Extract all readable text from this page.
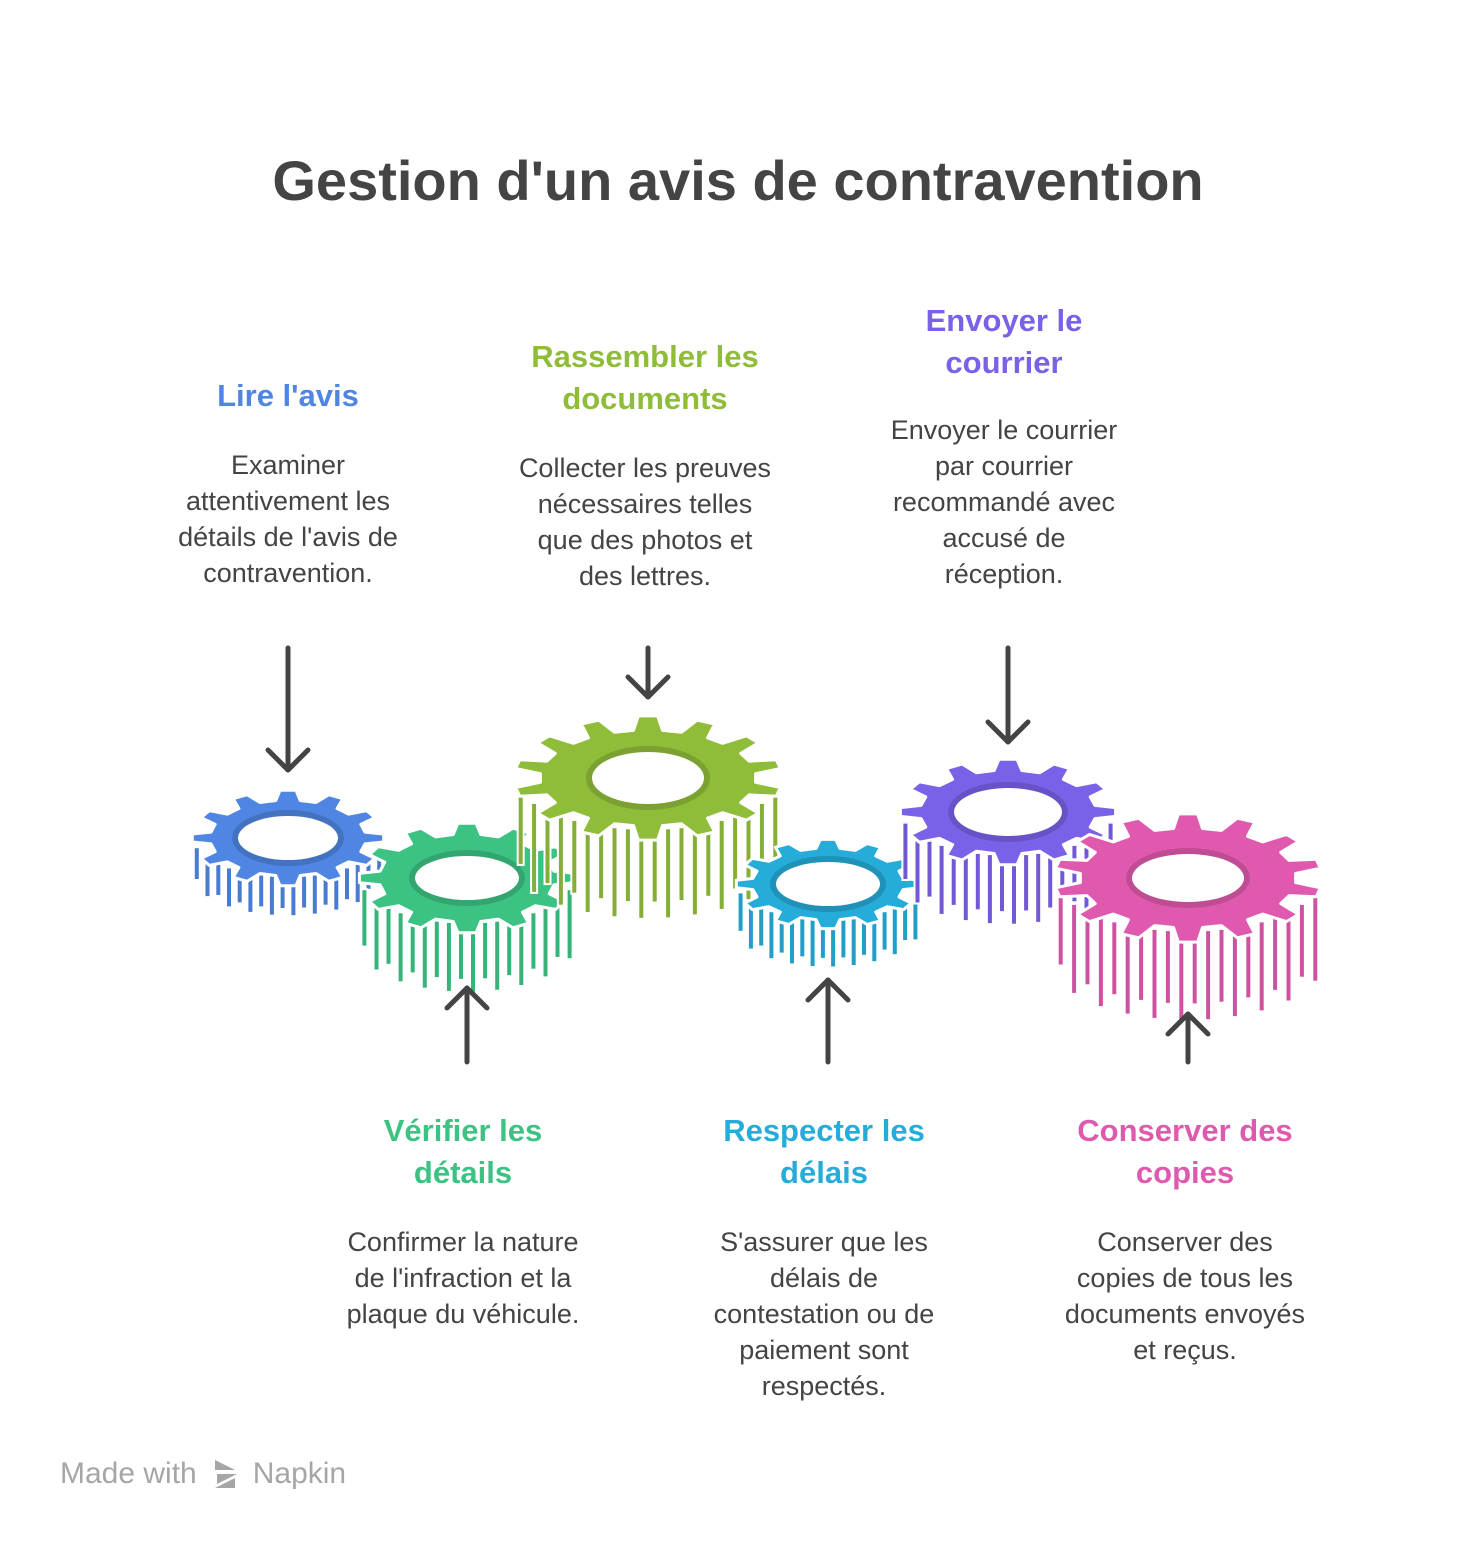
Gestion d'un avis de contravention
Lire l'avis
Examiner
attentivement les
détails de l'avis de
contravention.
Vérifier les
détails
Confirmer la nature
de l'infraction et la
plaque du véhicule.
Rassembler les
documents
Collecter les preuves
nécessaires telles
que des photos et
des lettres.
Respecter les
délais
S'assurer que les
délais de
contestation ou de
paiement sont
respectés.
Envoyer le
courrier
Envoyer le courrier
par courrier
recommandé avec
accusé de
réception.
Conserver des
copies
Conserver des
copies de tous les
documents envoyés
et reçus.
Made with Napkin
